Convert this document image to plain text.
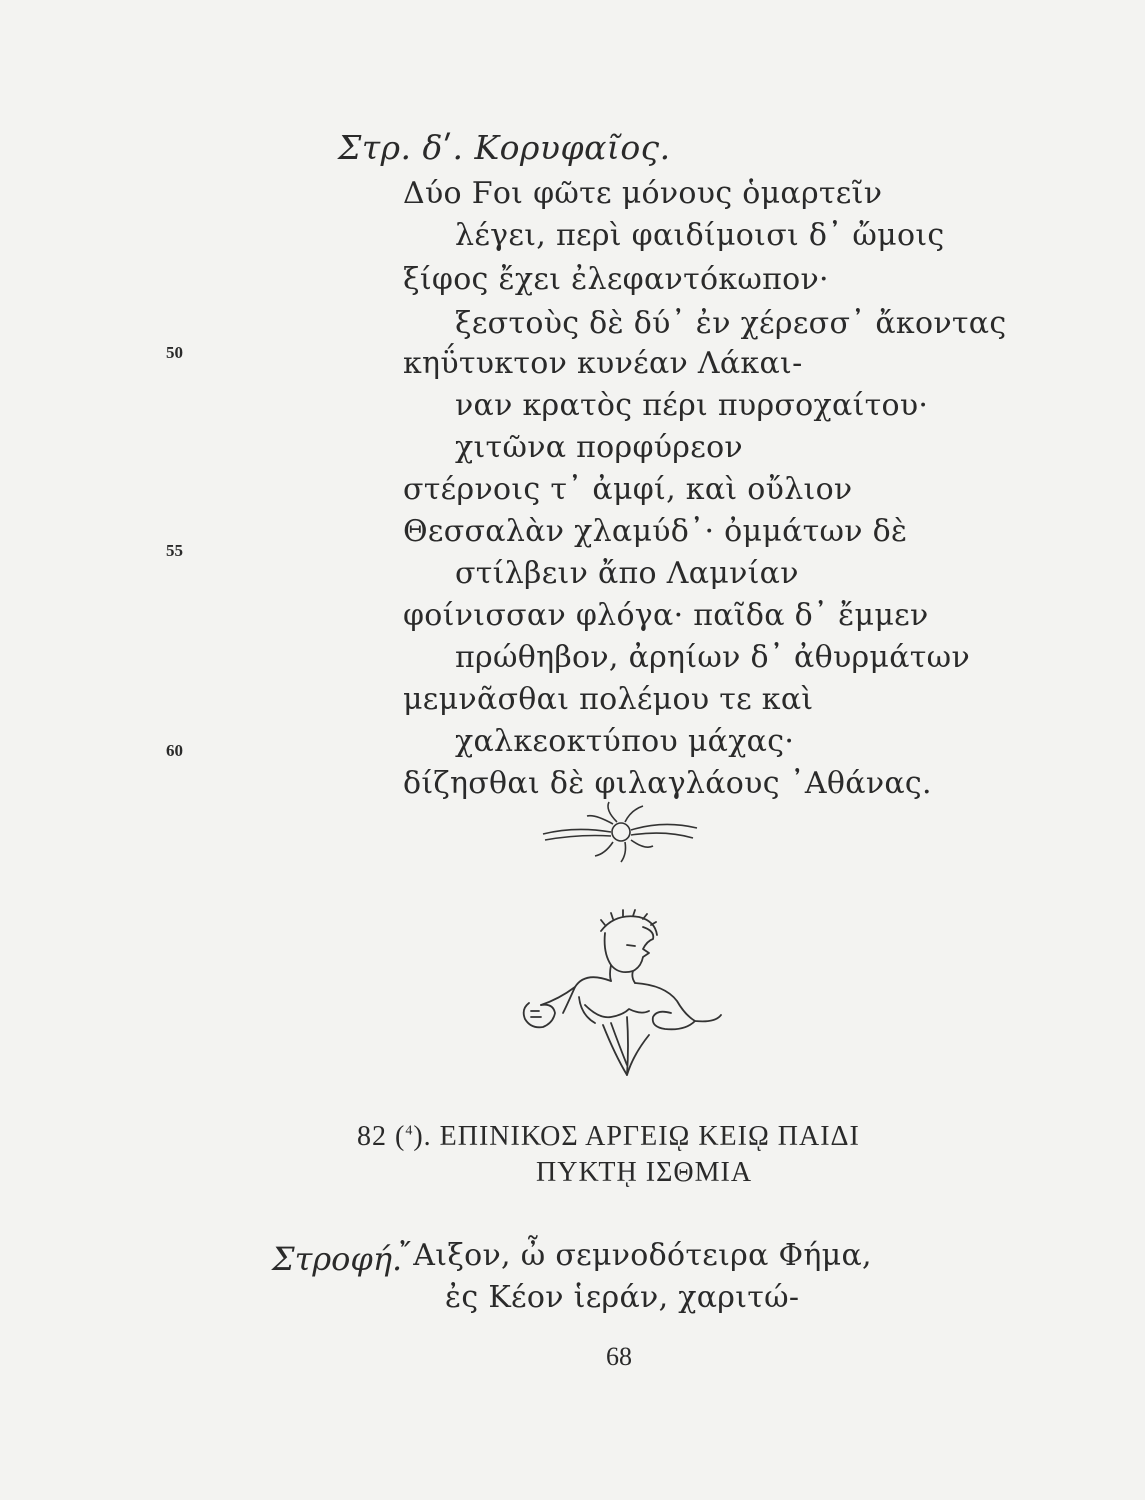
Στρ. δʹ. Κορυφαῖος.
Δύο Ϝοι φῶτε μόνους ὁμαρτεῖν
λέγει, περὶ φαιδίμοισι δ᾽ ὤμοις
ξίφος ἔχει ἐλεφαντόκωπον·
ξεστοὺς δὲ δύ᾽ ἐν χέρεσσ᾽ ἄκοντας
κηΰτυκτον κυνέαν Λάκαι-
ναν κρατὸς πέρι πυρσοχαίτου·
χιτῶνα πορφύρεον
στέρνοις τ᾽ ἀμφί, καὶ οὔλιον
Θεσσαλὰν χλαμύδ᾽· ὀμμάτων δὲ
στίλβειν ἄπο Λαμνίαν
φοίνισσαν φλόγα· παῖδα δ᾽ ἔμμεν
πρώθηβον, ἀρηίων δ᾽ ἀθυρμάτων
μεμνᾶσθαι πολέμου τε καὶ
χαλκεοκτύπου μάχας·
δίζησθαι δὲ φιλαγλάους ᾽Αθάνας.
50
55
60
82 ($^4$). ΕΠΙΝΙΚΟΣ ΑΡΓΕΙῼ ΚΕΙῼ ΠΑΙΔΙ
ΠΥΚΤῌ ΙΣΘΜΙΑ
Στροφή.
῎Αιξον, ὦ σεμνοδότειρα Φήμα,
ἐς Κέον ἱεράν, χαριτώ-
68
